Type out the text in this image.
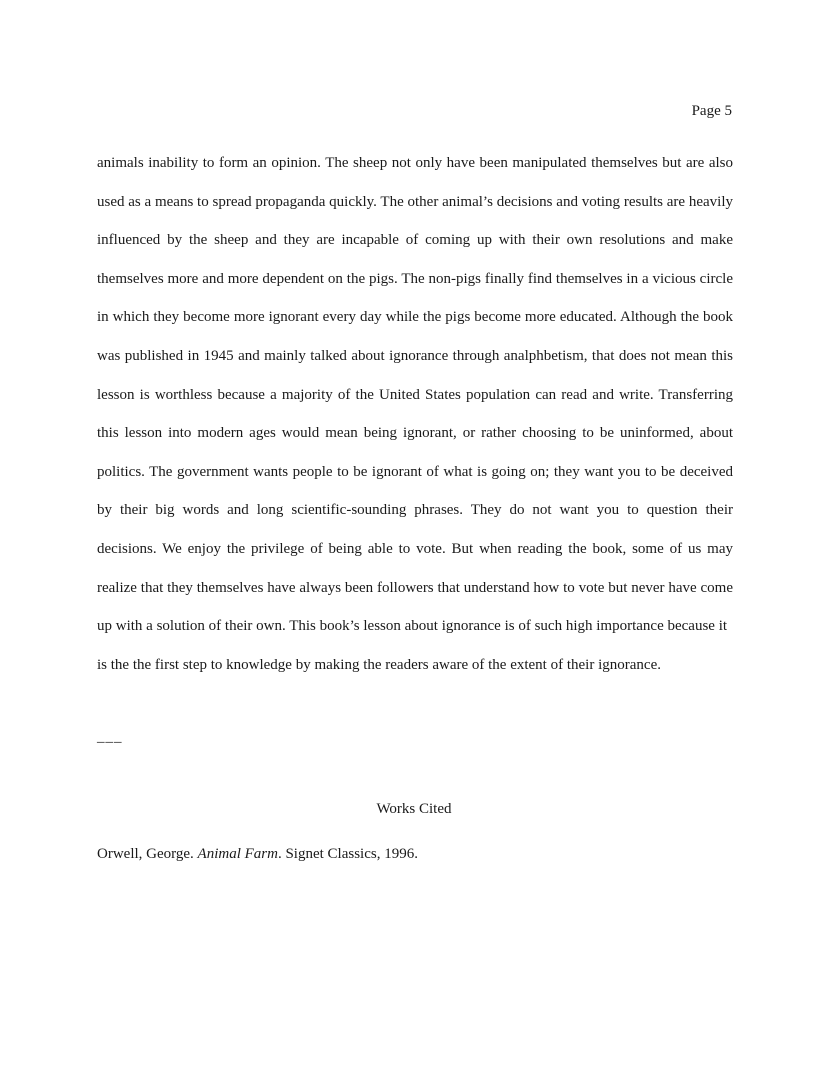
Page 5

animals inability to form an opinion. The sheep not only have been manipulated themselves but are also used as a means to spread propaganda quickly. The other animal’s decisions and voting results are heavily influenced by the sheep and they are incapable of coming up with their own resolutions and make themselves more and more dependent on the pigs. The non-pigs finally find themselves in a vicious circle in which they become more ignorant every day while the pigs become more educated. Although the book was published in 1945 and mainly talked about ignorance through analphbetism, that does not mean this lesson is worthless because a majority of the United States population can read and write. Transferring this lesson into modern ages would mean being ignorant, or rather choosing to be uninformed, about politics. The government wants people to be ignorant of what is going on; they want you to be deceived by their big words and long scientific-sounding phrases. They do not want you to question their decisions. We enjoy the privilege of being able to vote. But when reading the book, some of us may realize that they themselves have always been followers that understand how to vote but never have come up with a solution of their own. This book’s lesson about ignorance is of such high importance because it
is the the first step to knowledge by making the readers aware of the extent of their ignorance.

___
Works Cited

Orwell, George. Animal Farm. Signet Classics, 1996.
